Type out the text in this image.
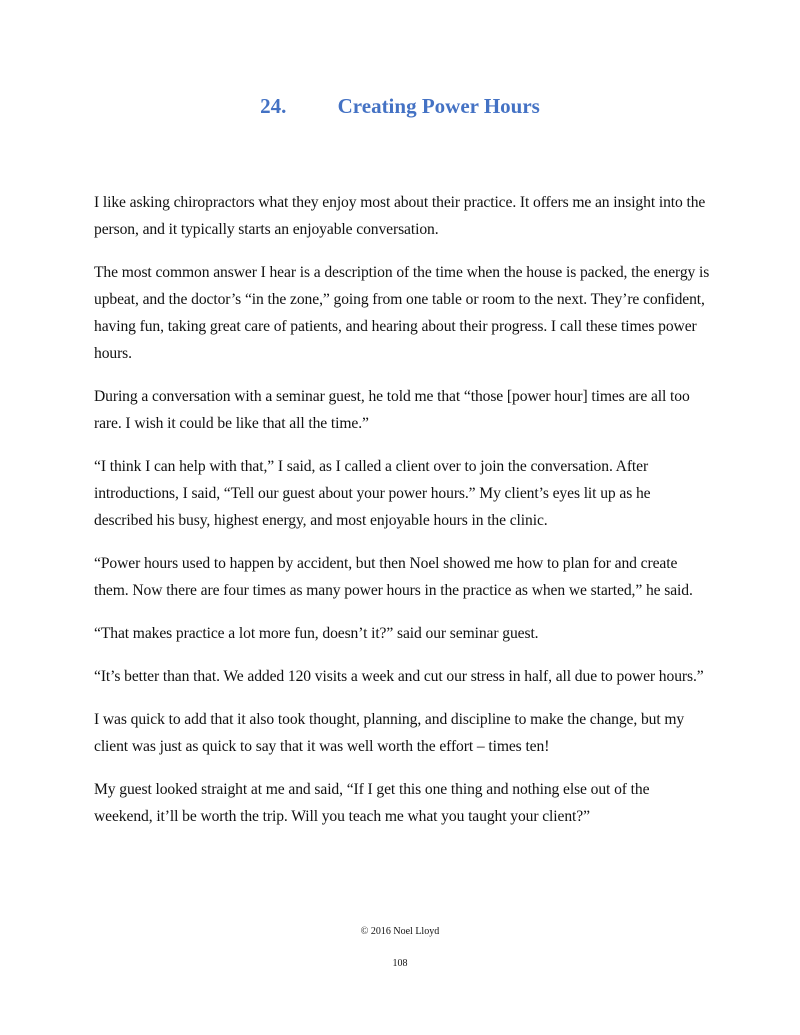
24. Creating Power Hours

I like asking chiropractors what they enjoy most about their practice. It offers me an insight into the person, and it typically starts an enjoyable conversation.

The most common answer I hear is a description of the time when the house is packed, the energy is upbeat, and the doctor’s “in the zone,” going from one table or room to the next. They’re confident, having fun, taking great care of patients, and hearing about their progress. I call these times power hours.

During a conversation with a seminar guest, he told me that “those [power hour] times are all too rare. I wish it could be like that all the time.”

“I think I can help with that,” I said, as I called a client over to join the conversation. After introductions, I said, “Tell our guest about your power hours.” My client’s eyes lit up as he described his busy, highest energy, and most enjoyable hours in the clinic.

“Power hours used to happen by accident, but then Noel showed me how to plan for and create them. Now there are four times as many power hours in the practice as when we started,” he said.

“That makes practice a lot more fun, doesn’t it?” said our seminar guest.

“It’s better than that. We added 120 visits a week and cut our stress in half, all due to power hours.”

I was quick to add that it also took thought, planning, and discipline to make the change, but my client was just as quick to say that it was well worth the effort – times ten!

My guest looked straight at me and said, “If I get this one thing and nothing else out of the weekend, it’ll be worth the trip. Will you teach me what you taught your client?”

© 2016 Noel Lloyd
108
